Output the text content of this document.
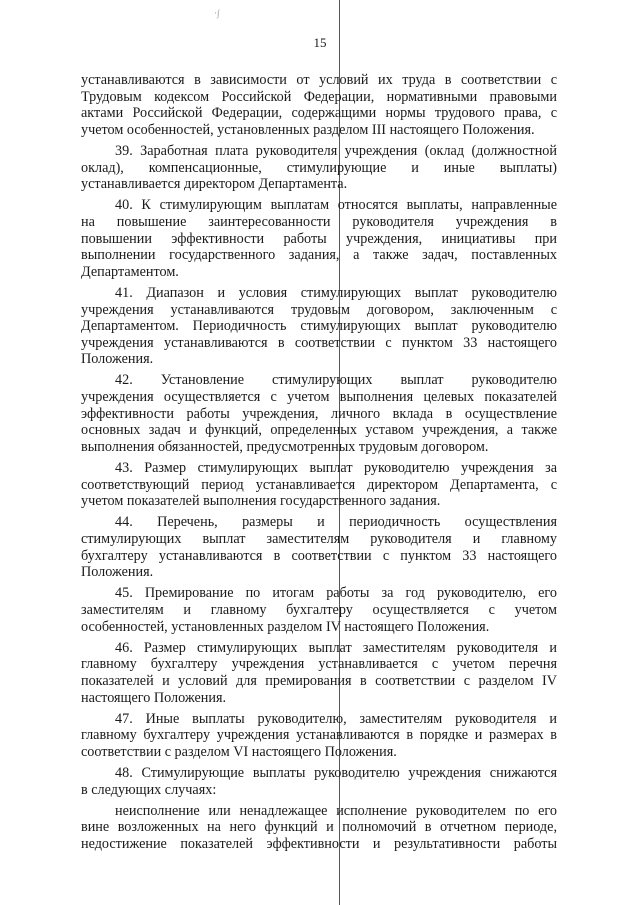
·∫
15
устанавливаются в зависимости от условий их труда в соответствии с
Трудовым кодексом Российской Федерации, нормативными правовыми
актами Российской Федерации, содержащими нормы трудового права, с
учетом особенностей, установленных разделом III настоящего Положения.
39. Заработная плата руководителя учреждения (оклад (должностной
оклад), компенсационные, стимулирующие и иные выплаты)
устанавливается директором Департамента.
40. К стимулирующим выплатам относятся выплаты, направленные
на повышение заинтересованности руководителя учреждения в
повышении эффективности работы учреждения, инициативы при
выполнении государственного задания, а также задач, поставленных
Департаментом.
41. Диапазон и условия стимулирующих выплат руководителю
учреждения устанавливаются трудовым договором, заключенным с
Департаментом. Периодичность стимулирующих выплат руководителю
учреждения устанавливаются в соответствии с пунктом 33 настоящего
Положения.
42. Установление стимулирующих выплат руководителю
учреждения осуществляется с учетом выполнения целевых показателей
эффективности работы учреждения, личного вклада в осуществление
основных задач и функций, определенных уставом учреждения, а также
выполнения обязанностей, предусмотренных трудовым договором.
43. Размер стимулирующих выплат руководителю учреждения за
соответствующий период устанавливается директором Департамента, с
учетом показателей выполнения государственного задания.
44. Перечень, размеры и периодичность осуществления
стимулирующих выплат заместителям руководителя и главному
бухгалтеру устанавливаются в соответствии с пунктом 33 настоящего
Положения.
45. Премирование по итогам работы за год руководителю, его
заместителям и главному бухгалтеру осуществляется с учетом
особенностей, установленных разделом IV настоящего Положения.
46. Размер стимулирующих выплат заместителям руководителя и
главному бухгалтеру учреждения устанавливается с учетом перечня
показателей и условий для премирования в соответствии с разделом IV
настоящего Положения.
47. Иные выплаты руководителю, заместителям руководителя и
главному бухгалтеру учреждения устанавливаются в порядке и размерах в
соответствии с разделом VI настоящего Положения.
48. Стимулирующие выплаты руководителю учреждения снижаются
в следующих случаях:
неисполнение или ненадлежащее исполнение руководителем по его
вине возложенных на него функций и полномочий в отчетном периоде,
недостижение показателей эффективности и результативности работы
